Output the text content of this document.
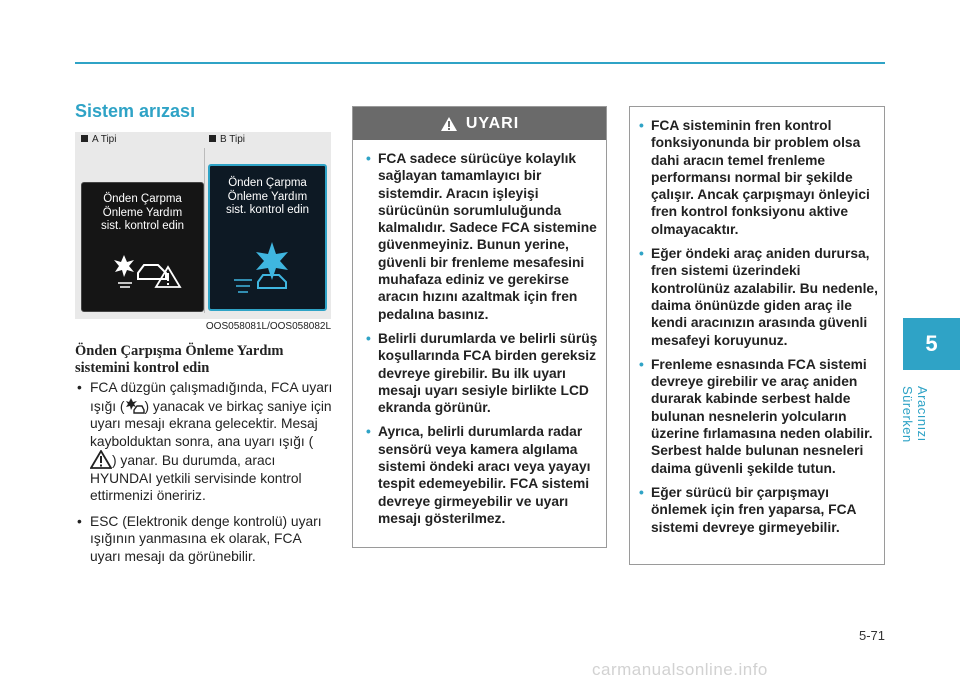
5
Aracınızı Sürerken
Sistem arızası
A Tipi	B Tipi
Önden Çarpma
Önleme Yardım
sist. kontrol edin
Önden Çarpma
Önleme Yardım
sist. kontrol edin
OOS058081L/OOS058082L
Önden Çarpışma Önleme Yardım sistemini kontrol edin
• FCA düzgün çalışmadığında, FCA uyarı ışığı ( ) yanacak ve birkaç saniye için uyarı mesajı ekrana gelecektir. Mesaj kaybolduktan sonra, ana uyarı ışığı () yanar. Bu durumda, aracı HYUNDAI yetkili servisinde kontrol ettirmenizi öneririz.
• ESC (Elektronik denge kontrolü) uyarı ışığının yanmasına ek olarak, FCA uyarı mesajı da görünebilir.
UYARI
• FCA sadece sürücüye kolaylık sağlayan tamamlayıcı bir sistemdir. Aracın işleyişi sürücünün sorumluluğunda kalmalıdır. Sadece FCA sistemine güvenmeyiniz. Bunun yerine, güvenli bir frenleme mesafesini muhafaza ediniz ve gerekirse aracın hızını azaltmak için fren pedalına basınız.
• Belirli durumlarda ve belirli sürüş koşullarında FCA birden gereksiz devreye girebilir. Bu ilk uyarı mesajı uyarı sesiyle birlikte LCD ekranda görünür.
• Ayrıca, belirli durumlarda radar sensörü veya kamera algılama sistemi öndeki aracı veya yayayı tespit edemeyebilir. FCA sistemi devreye girmeyebilir ve uyarı mesajı gösterilmez.
• FCA sisteminin fren kontrol fonksiyonunda bir problem olsa dahi aracın temel frenleme performansı normal bir şekilde çalışır. Ancak çarpışmayı önleyici fren kontrol fonksiyonu aktive olmayacaktır.
• Eğer öndeki araç aniden durursa, fren sistemi üzerindeki kontrolünüz azalabilir. Bu nedenle, daima önünüzde giden araç ile kendi aracınızın arasında güvenli mesafeyi koruyunuz.
• Frenleme esnasında FCA sistemi devreye girebilir ve araç aniden durarak kabinde serbest halde bulunan nesnelerin yolcuların üzerine fırlamasına neden olabilir. Serbest halde bulunan nesneleri daima güvenli şekilde tutun.
• Eğer sürücü bir çarpışmayı önlemek için fren yaparsa, FCA sistemi devreye girmeyebilir.
5-71
carmanualsonline.info
